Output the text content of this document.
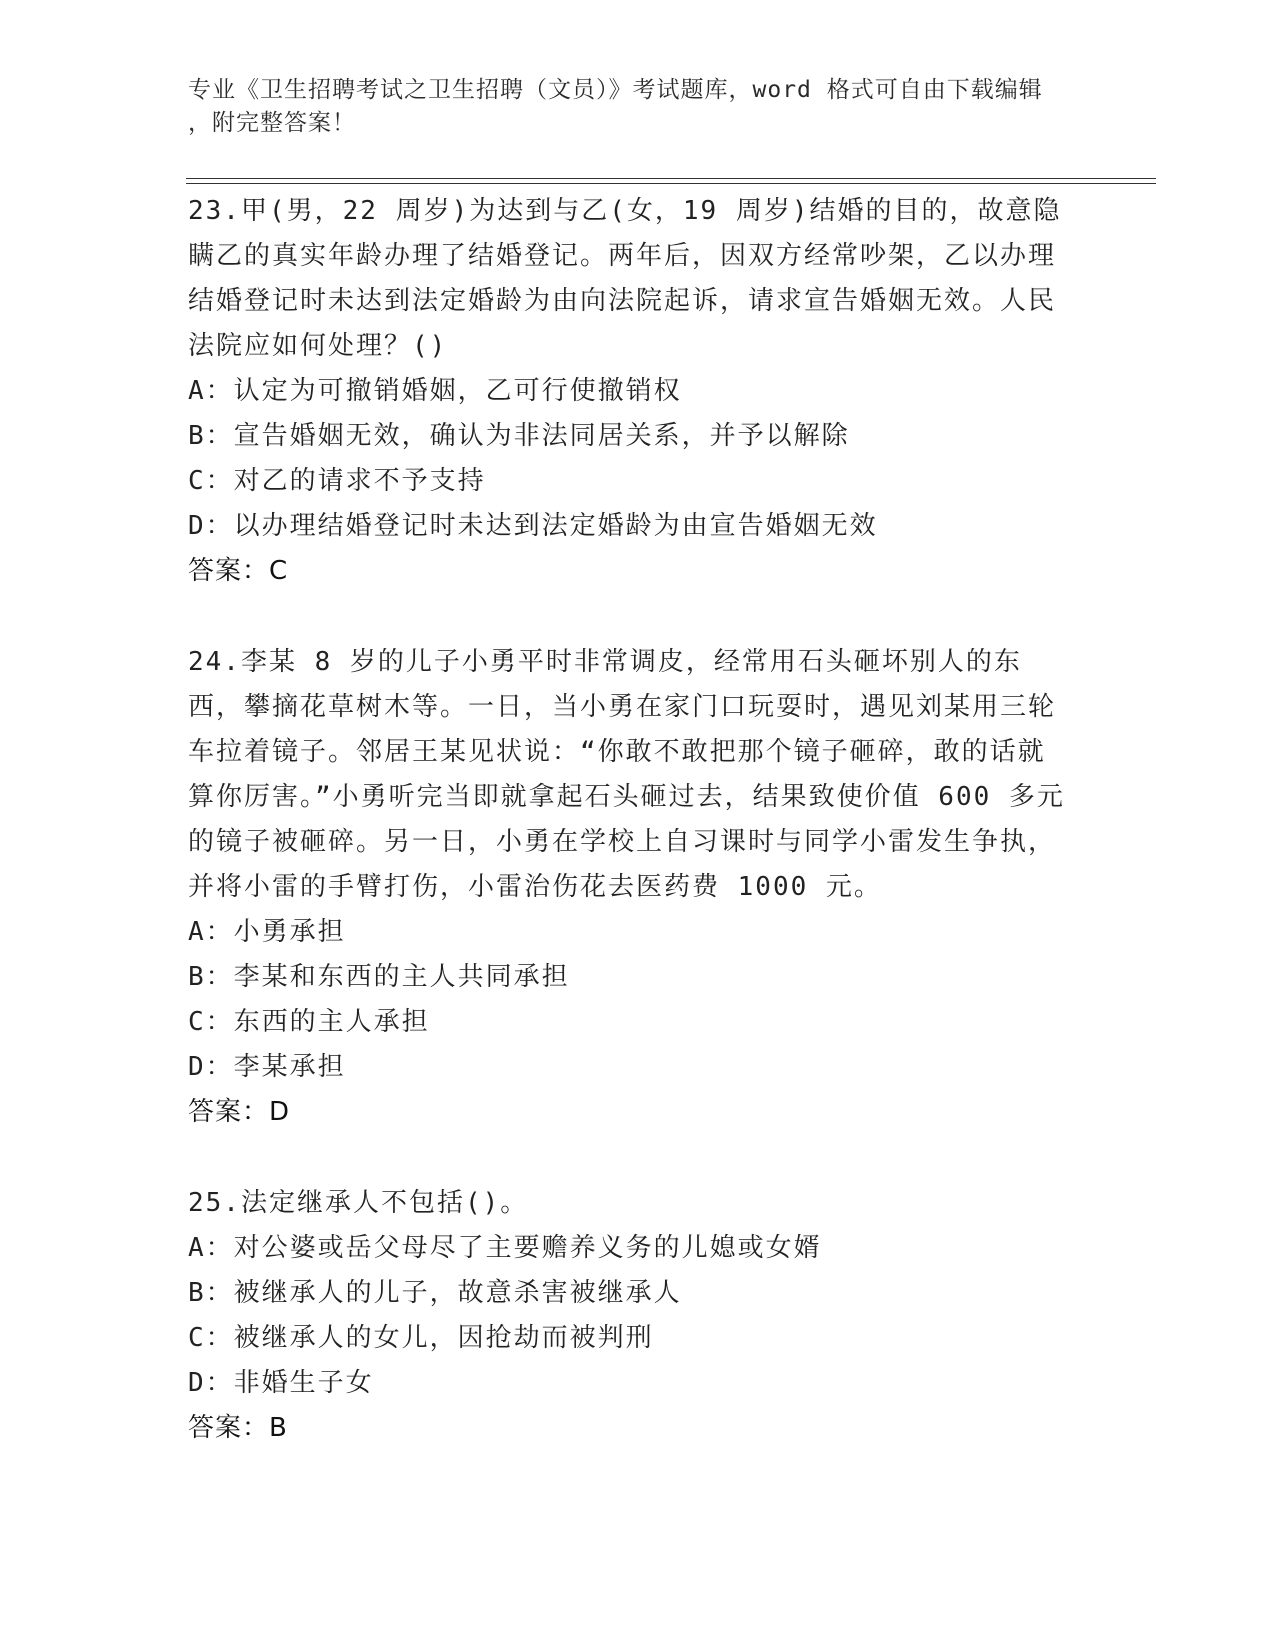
专业《卫生招聘考试之卫生招聘（文员）》考试题库，word 格式可自由下载编辑
，附完整答案！

23.甲(男，22 周岁)为达到与乙(女，19 周岁)结婚的目的，故意隐瞒乙的真实年龄办理了结婚登记。两年后，因双方经常吵架，乙以办理结婚登记时未达到法定婚龄为由向法院起诉，请求宣告婚姻无效。人民法院应如何处理？()

A：认定为可撤销婚姻，乙可行使撤销权

B：宣告婚姻无效，确认为非法同居关系，并予以解除

C：对乙的请求不予支持

D：以办理结婚登记时未达到法定婚龄为由宣告婚姻无效

答案：C

24.李某 8 岁的儿子小勇平时非常调皮，经常用石头砸坏别人的东西，攀摘花草树木等。一日，当小勇在家门口玩耍时，遇见刘某用三轮车拉着镜子。邻居王某见状说：“你敢不敢把那个镜子砸碎，敢的话就算你厉害。”小勇听完当即就拿起石头砸过去，结果致使价值 600 多元的镜子被砸碎。另一日，小勇在学校上自习课时与同学小雷发生争执，并将小雷的手臂打伤，小雷治伤花去医药费 1000 元。

A：小勇承担

B：李某和东西的主人共同承担

C：东西的主人承担

D：李某承担

答案：D

25.法定继承人不包括()。

A：对公婆或岳父母尽了主要赡养义务的儿媳或女婿

B：被继承人的儿子，故意杀害被继承人

C：被继承人的女儿，因抢劫而被判刑

D：非婚生子女

答案：B
